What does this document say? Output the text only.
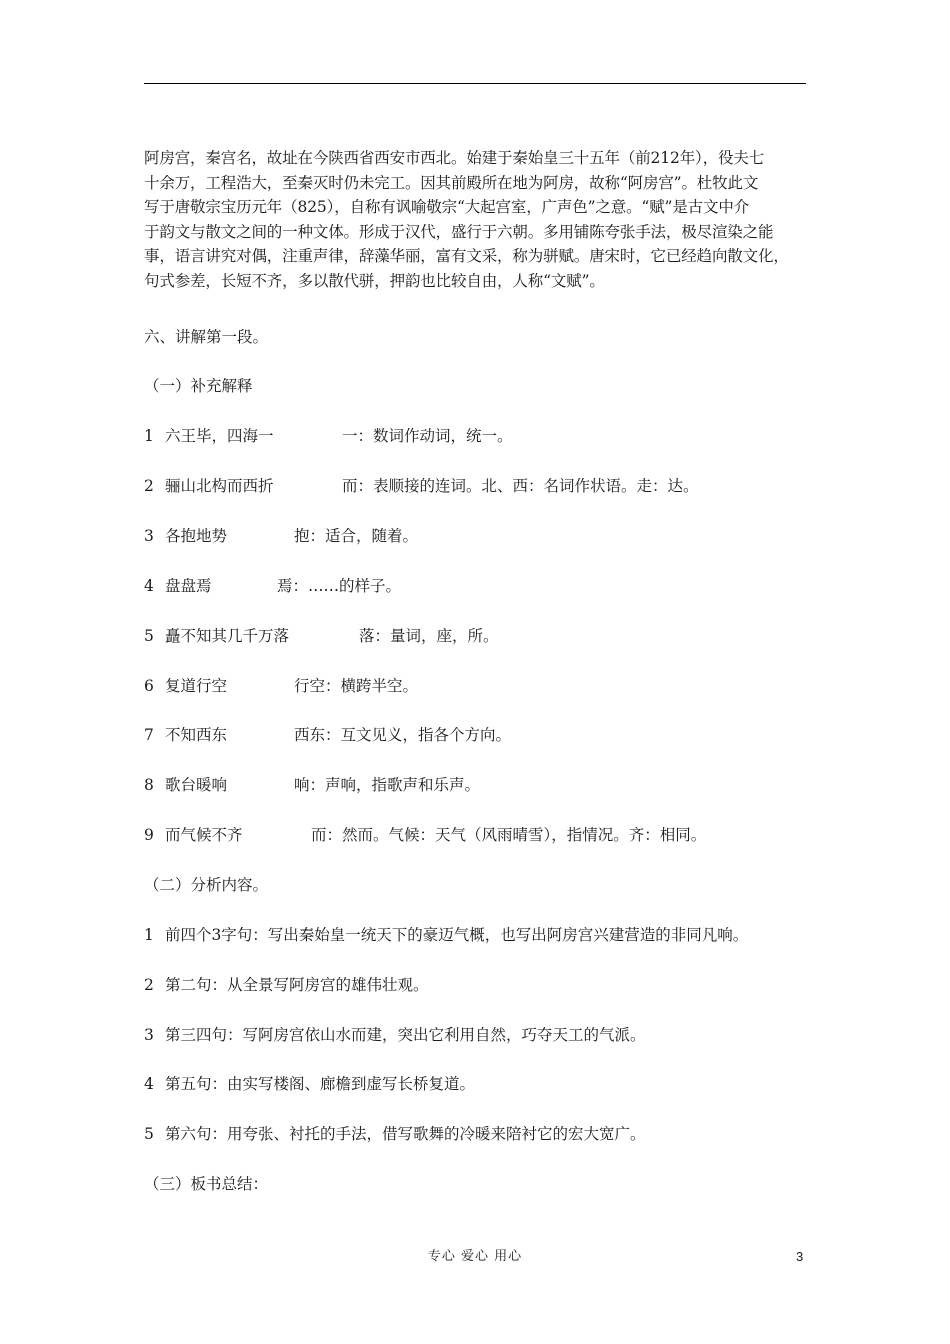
阿房宫，秦宫名，故址在今陕西省西安市西北。始建于秦始皇三十五年（前212年），役夫七
十余万，工程浩大，至秦灭时仍未完工。因其前殿所在地为阿房，故称“阿房宫”。杜牧此文
写于唐敬宗宝历元年（825），自称有讽喻敬宗“大起宫室，广声色”之意。“赋”是古文中介
于韵文与散文之间的一种文体。形成于汉代，盛行于六朝。多用铺陈夸张手法，极尽渲染之能
事，语言讲究对偶，注重声律，辞藻华丽，富有文采，称为骈赋。唐宋时，它已经趋向散文化，
句式参差，长短不齐，多以散代骈，押韵也比较自由，人称“文赋”。
六、讲解第一段。
（一）补充解释
1 六王毕，四海一	一：数词作动词，统一。
2 骊山北构而西折	而：表顺接的连词。北、西：名词作状语。走：达。
3 各抱地势	抱：适合，随着。
4 盘盘焉	焉：……的样子。
5 矗不知其几千万落	落：量词，座，所。
6 复道行空	行空：横跨半空。
7 不知西东	西东：互文见义，指各个方向。
8 歌台暖响	响：声响，指歌声和乐声。
9 而气候不齐	而：然而。气候：天气（风雨晴雪），指情况。齐：相同。
（二）分析内容。
1 前四个3字句：写出秦始皇一统天下的豪迈气概，也写出阿房宫兴建营造的非同凡响。
2 第二句：从全景写阿房宫的雄伟壮观。
3 第三四句：写阿房宫依山水而建，突出它利用自然，巧夺天工的气派。
4 第五句：由实写楼阁、廊檐到虚写长桥复道。
5 第六句：用夸张、衬托的手法，借写歌舞的冷暖来陪衬它的宏大宽广。
（三）板书总结：
专心 爱心 用心	3
